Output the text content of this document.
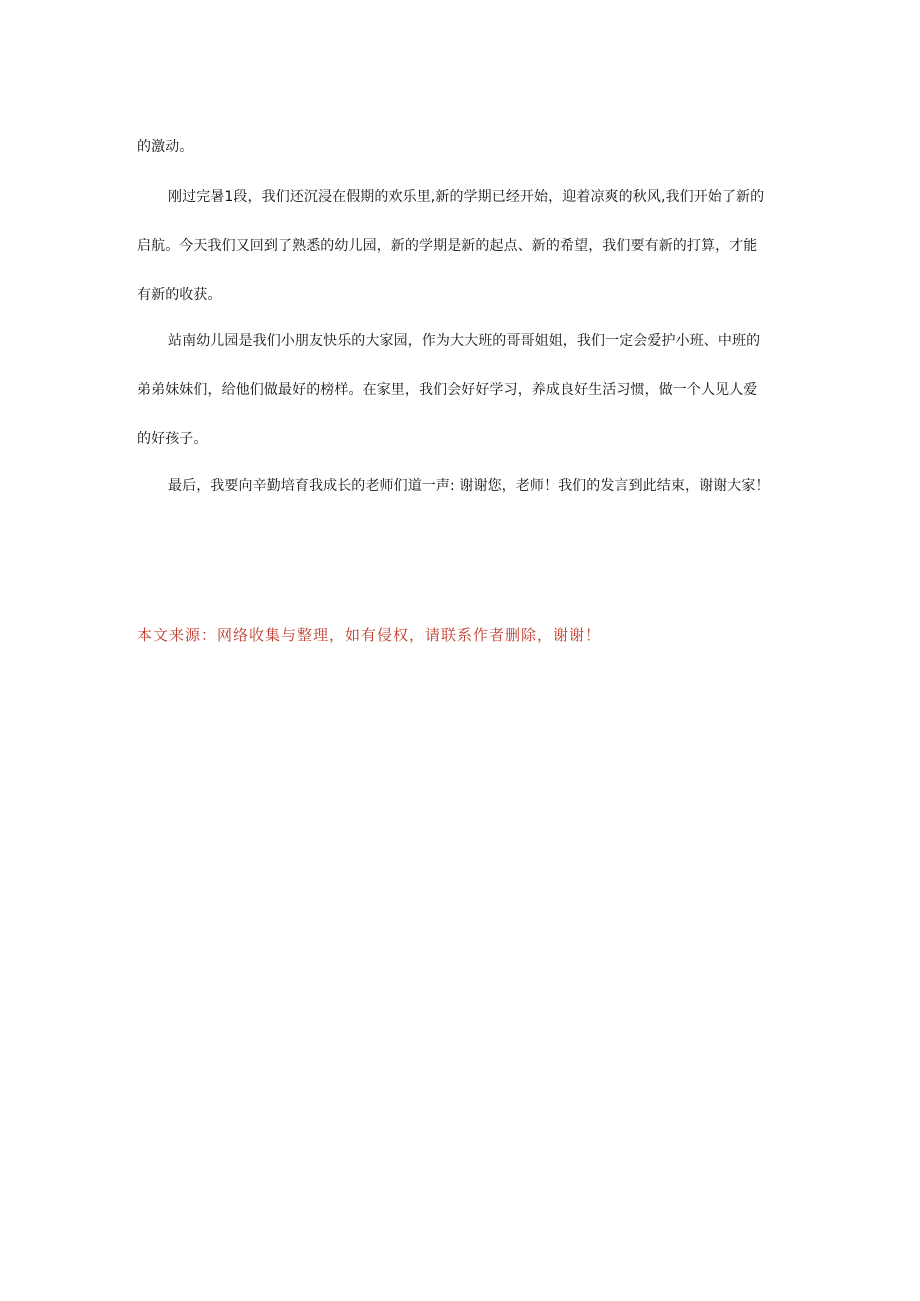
的激动。
刚过完暑1段，我们还沉浸在假期的欢乐里,新的学期已经开始，迎着凉爽的秋风,我们开始了新的
启航。今天我们又回到了熟悉的幼儿园，新的学期是新的起点、新的希望，我们要有新的打算，才能
有新的收获。
站南幼儿园是我们小朋友快乐的大家园，作为大大班的哥哥姐姐，我们一定会爱护小班、中班的
弟弟妹妹们，给他们做最好的榜样。在家里，我们会好好学习，养成良好生活习惯，做一个人见人爱
的好孩子。
最后，我要向辛勤培育我成长的老师们道一声: 谢谢您，老师！我们的发言到此结束，谢谢大家！
本文来源：网络收集与整理，如有侵权，请联系作者删除，谢谢！
